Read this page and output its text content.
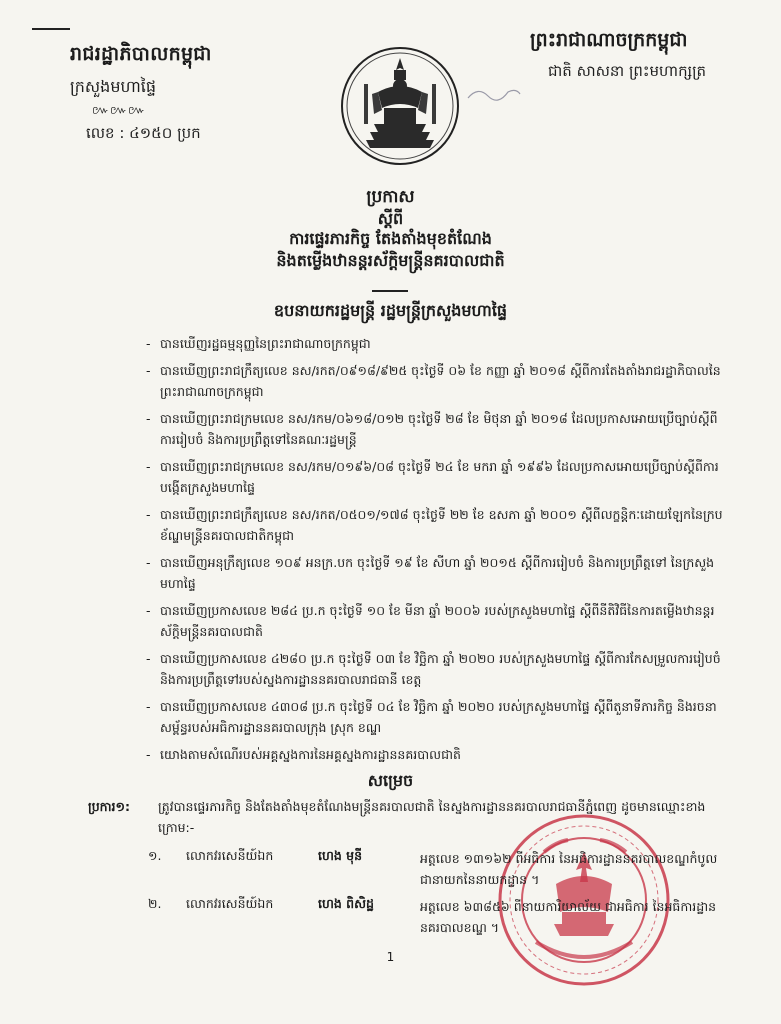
រាជរដ្ឋាភិបាលកម្ពុជា
ក្រសួងមហាផ្ទៃ
៚៚៚
លេខ : ៤១៥០ ប្រក
ព្រះរាជាណាចក្រកម្ពុជា
ជាតិ សាសនា ព្រះមហាក្សត្រ
ប្រកាស
ស្តីពី
ការផ្ទេរភារកិច្ច តែងតាំងមុខតំណែង
និងតម្លើងឋានន្តរស័ក្តិមន្ត្រីនគរបាលជាតិ
ឧបនាយករដ្ឋមន្ត្រី រដ្ឋមន្ត្រីក្រសួងមហាផ្ទៃ
- បានឃើញរដ្ឋធម្មនុញ្ញនៃព្រះរាជាណាចក្រកម្ពុជា
- បានឃើញព្រះរាជក្រឹត្យលេខ នស/រកត/០៩១៨/៩២៥ ចុះថ្ងៃទី ០៦ ខែ កញ្ញា ឆ្នាំ ២០១៨ ស្តីពីការតែងតាំងរាជរដ្ឋាភិបាលនៃព្រះរាជាណាចក្រកម្ពុជា
- បានឃើញព្រះរាជក្រមលេខ នស/រកម/០៦១៨/០១២ ចុះថ្ងៃទី ២៨ ខែ មិថុនា ឆ្នាំ ២០១៨ ដែលប្រកាសអោយប្រើច្បាប់ស្តីពីការរៀបចំ និងការប្រព្រឹត្តទៅនៃគណៈរដ្ឋមន្ត្រី
- បានឃើញព្រះរាជក្រមលេខ នស/រកម/០១៩៦/០៨ ចុះថ្ងៃទី ២៤ ខែ មករា ឆ្នាំ ១៩៩៦ ដែលប្រកាសអោយប្រើច្បាប់ស្តីពីការបង្កើតក្រសួងមហាផ្ទៃ
- បានឃើញព្រះរាជក្រឹត្យលេខ នស/រកត/០៥០១/១៧៨ ចុះថ្ងៃទី ២២ ខែ ឧសភា ឆ្នាំ ២០០១ ស្តីពីលក្ខន្តិកៈដោយឡែកនៃក្របខ័ណ្ឌមន្ត្រីនគរបាលជាតិកម្ពុជា
- បានឃើញអនុក្រឹត្យលេខ ១០៩ អនក្រ.បក ចុះថ្ងៃទី ១៩ ខែ សីហា ឆ្នាំ ២០១៥ ស្តីពីការរៀបចំ និងការប្រព្រឹត្តទៅ នៃក្រសួងមហាផ្ទៃ
- បានឃើញប្រកាសលេខ ២៨៤ ប្រ.ក ចុះថ្ងៃទី ១០ ខែ មីនា ឆ្នាំ ២០០៦ របស់ក្រសួងមហាផ្ទៃ ស្តីពីនីតិវិធីនៃការតម្លើងឋានន្តរស័ក្តិមន្ត្រីនគរបាលជាតិ
- បានឃើញប្រកាសលេខ ៤២៨០ ប្រ.ក ចុះថ្ងៃទី ០៣ ខែ វិច្ឆិកា ឆ្នាំ ២០២០ របស់ក្រសួងមហាផ្ទៃ ស្តីពីការកែសម្រួលការរៀបចំ និងការប្រព្រឹត្តទៅរបស់ស្នងការដ្ឋាននគរបាលរាជធានី ខេត្ត
- បានឃើញប្រកាសលេខ ៤៣០៨ ប្រ.ក ចុះថ្ងៃទី ០៤ ខែ វិច្ឆិកា ឆ្នាំ ២០២០ របស់ក្រសួងមហាផ្ទៃ ស្តីពីតួនាទីភារកិច្ច និងរចនាសម្ព័ន្ធរបស់អធិការដ្ឋាននគរបាលក្រុង ស្រុក ខណ្ឌ
- យោងតាមសំណើរបស់អគ្គស្នងការនៃអគ្គស្នងការដ្ឋាននគរបាលជាតិ
សម្រេច
ប្រការ១:	ត្រូវបានផ្ទេរភារកិច្ច និងតែងតាំងមុខតំណែងមន្ត្រីនគរបាលជាតិ នៃស្នងការដ្ឋាននគរបាលរាជធានីភ្នំពេញ ដូចមានឈ្មោះខាងក្រោម:-
១. លោកវរសេនីយ៍ឯក	ហេង មុនី	អត្តលេខ ១៣១៦២ ពីអធិការ នៃអធិការដ្ឋាននគរបាលខណ្ឌកំបូល ជានាយកនៃនាយកដ្ឋាន ។
២. លោកវរសេនីយ៍ឯក	ហេង ពិសិដ្ឋ	អត្តលេខ ៦៣៨៥៦ ពីនាយការិយាល័យ ជាអធិការ នៃអធិការដ្ឋាននគរបាលខណ្ឌ ។
1
